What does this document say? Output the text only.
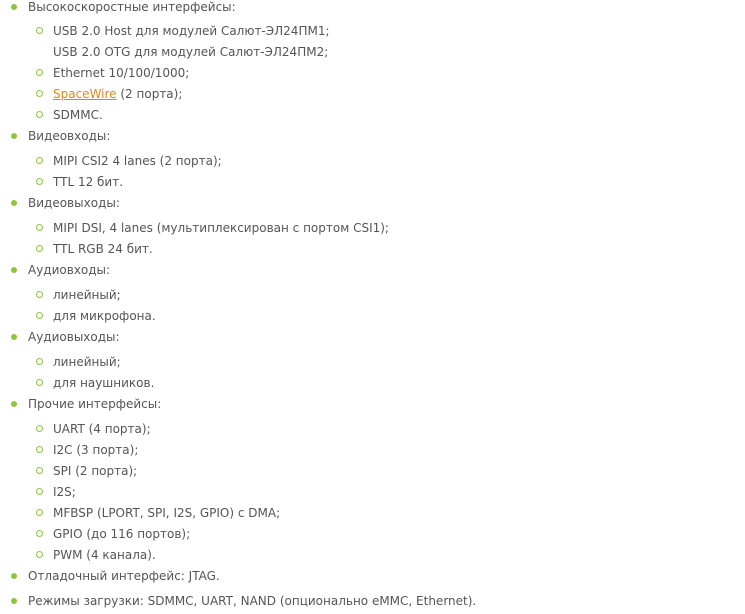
Высокоскоростные интерфейсы:
USB 2.0 Host для модулей Салют-ЭЛ24ПМ1;
USB 2.0 OTG для модулей Салют-ЭЛ24ПМ2;
Ethernet 10/100/1000;
SpaceWire (2 порта);
SDMMC.
Видеовходы:
MIPI CSI2 4 lanes (2 порта);
TTL 12 бит.
Видеовыходы:
MIPI DSI, 4 lanes (мультиплексирован с портом CSI1);
TTL RGB 24 бит.
Аудиовходы:
линейный;
для микрофона.
Аудиовыходы:
линейный;
для наушников.
Прочие интерфейсы:
UART (4 порта);
I2C (3 порта);
SPI (2 порта);
I2S;
MFBSP (LPORT, SPI, I2S, GPIO) с DMA;
GPIO (до 116 портов);
PWM (4 канала).
Отладочный интерфейс: JTAG.
Режимы загрузки: SDMMC, UART, NAND (опционально eMMC, Ethernet).
